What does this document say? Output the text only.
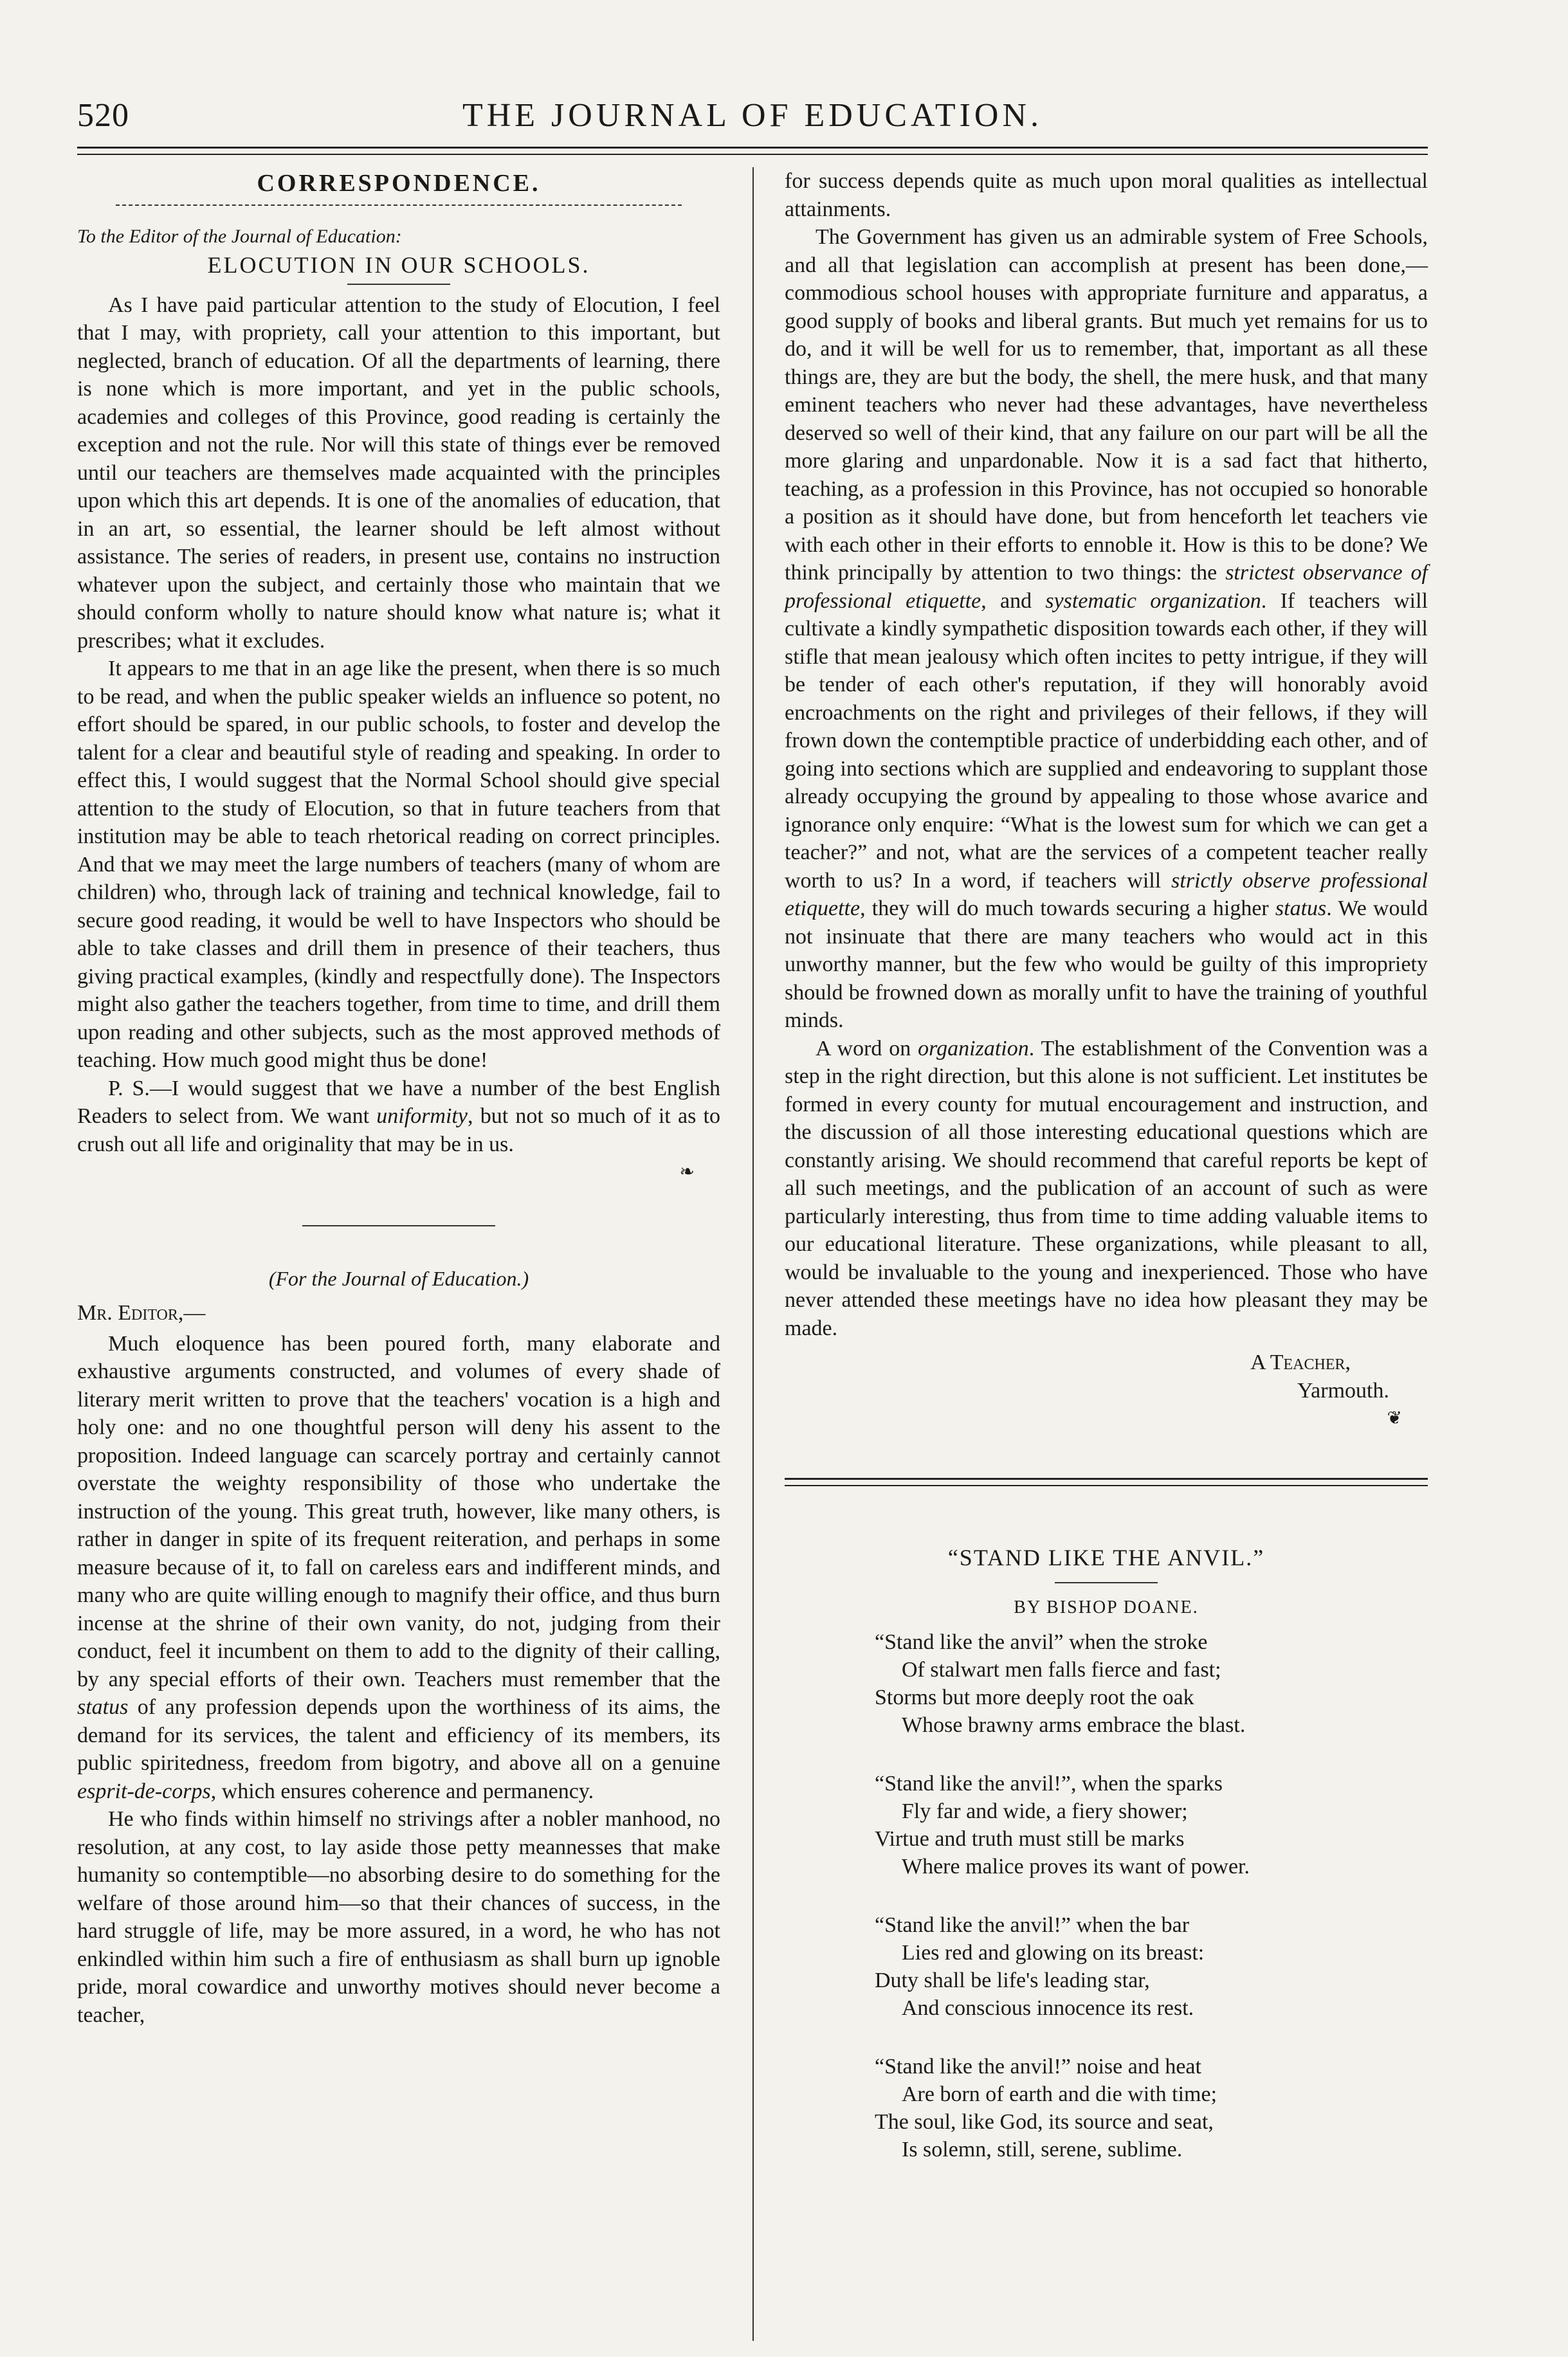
520	THE JOURNAL OF EDUCATION.
CORRESPONDENCE.
To the Editor of the Journal of Education:
ELOCUTION IN OUR SCHOOLS.

As I have paid particular attention to the study of Elocution, I feel that I may, with propriety, call your attention to this important, but neglected, branch of education. Of all the departments of learning, there is none which is more important, and yet in the public schools, academies and colleges of this Province, good reading is certainly the exception and not the rule. Nor will this state of things ever be removed until our teachers are themselves made acquainted with the principles upon which this art depends. It is one of the anomalies of education, that in an art, so essential, the learner should be left almost without assistance. The series of readers, in present use, contains no instruction whatever upon the subject, and certainly those who maintain that we should conform wholly to nature should know what nature is; what it prescribes; what it excludes.

It appears to me that in an age like the present, when there is so much to be read, and when the public speaker wields an influence so potent, no effort should be spared, in our public schools, to foster and develop the talent for a clear and beautiful style of reading and speaking. In order to effect this, I would suggest that the Normal School should give special attention to the study of Elocution, so that in future teachers from that institution may be able to teach rhetorical reading on correct principles. And that we may meet the large numbers of teachers (many of whom are children) who, through lack of training and technical knowledge, fail to secure good reading, it would be well to have Inspectors who should be able to take classes and drill them in presence of their teachers, thus giving practical examples, (kindly and respectfully done). The Inspectors might also gather the teachers together, from time to time, and drill them upon reading and other subjects, such as the most approved methods of teaching. How much good might thus be done!

P. S.—I would suggest that we have a number of the best English Readers to select from. We want uniformity, but not so much of it as to crush out all life and originality that may be in us.

❧
(For the Journal of Education.)

Mr. Editor,—

Much eloquence has been poured forth, many elaborate and exhaustive arguments constructed, and volumes of every shade of literary merit written to prove that the teachers' vocation is a high and holy one: and no one thoughtful person will deny his assent to the proposition. Indeed language can scarcely portray and certainly cannot overstate the weighty responsibility of those who undertake the instruction of the young. This great truth, however, like many others, is rather in danger in spite of its frequent reiteration, and perhaps in some measure because of it, to fall on careless ears and indifferent minds, and many who are quite willing enough to magnify their office, and thus burn incense at the shrine of their own vanity, do not, judging from their conduct, feel it incumbent on them to add to the dignity of their calling, by any special efforts of their own. Teachers must remember that the status of any profession depends upon the worthiness of its aims, the demand for its services, the talent and efficiency of its members, its public spiritedness, freedom from bigotry, and above all on a genuine esprit-de-corps, which ensures coherence and permanency.

He who finds within himself no strivings after a nobler manhood, no resolution, at any cost, to lay aside those petty meannesses that make humanity so contemptible—no absorbing desire to do something for the welfare of those around him—so that their chances of success, in the hard struggle of life, may be more assured, in a word, he who has not enkindled within him such a fire of enthusiasm as shall burn up ignoble pride, moral cowardice and unworthy motives should never become a teacher,

for success depends quite as much upon moral qualities as intellectual attainments.

The Government has given us an admirable system of Free Schools, and all that legislation can accomplish at present has been done,—commodious school houses with appropriate furniture and apparatus, a good supply of books and liberal grants. But much yet remains for us to do, and it will be well for us to remember, that, important as all these things are, they are but the body, the shell, the mere husk, and that many eminent teachers who never had these advantages, have nevertheless deserved so well of their kind, that any failure on our part will be all the more glaring and unpardonable. Now it is a sad fact that hitherto, teaching, as a profession in this Province, has not occupied so honorable a position as it should have done, but from henceforth let teachers vie with each other in their efforts to ennoble it. How is this to be done? We think principally by attention to two things: the strictest observance of professional etiquette, and systematic organization. If teachers will cultivate a kindly sympathetic disposition towards each other, if they will stifle that mean jealousy which often incites to petty intrigue, if they will be tender of each other's reputation, if they will honorably avoid encroachments on the right and privileges of their fellows, if they will frown down the contemptible practice of underbidding each other, and of going into sections which are supplied and endeavoring to supplant those already occupying the ground by appealing to those whose avarice and ignorance only enquire: “What is the lowest sum for which we can get a teacher?” and not, what are the services of a competent teacher really worth to us? In a word, if teachers will strictly observe professional etiquette, they will do much towards securing a higher status. We would not insinuate that there are many teachers who would act in this unworthy manner, but the few who would be guilty of this impropriety should be frowned down as morally unfit to have the training of youthful minds.

A word on organization. The establishment of the Convention was a step in the right direction, but this alone is not sufficient. Let institutes be formed in every county for mutual encouragement and instruction, and the discussion of all those interesting educational questions which are constantly arising. We should recommend that careful reports be kept of all such meetings, and the publication of an account of such as were particularly interesting, thus from time to time adding valuable items to our educational literature. These organizations, while pleasant to all, would be invaluable to the young and inexperienced. Those who have never attended these meetings have no idea how pleasant they may be made.

A Teacher,
Yarmouth.
❦
“STAND LIKE THE ANVIL.”
BY BISHOP DOANE.
“Stand like the anvil” when the stroke
Of stalwart men falls fierce and fast;
Storms but more deeply root the oak
Whose brawny arms embrace the blast.
“Stand like the anvil!”, when the sparks
Fly far and wide, a fiery shower;
Virtue and truth must still be marks
Where malice proves its want of power.
“Stand like the anvil!” when the bar
Lies red and glowing on its breast:
Duty shall be life's leading star,
And conscious innocence its rest.
“Stand like the anvil!” noise and heat
Are born of earth and die with time;
The soul, like God, its source and seat,
Is solemn, still, serene, sublime.
